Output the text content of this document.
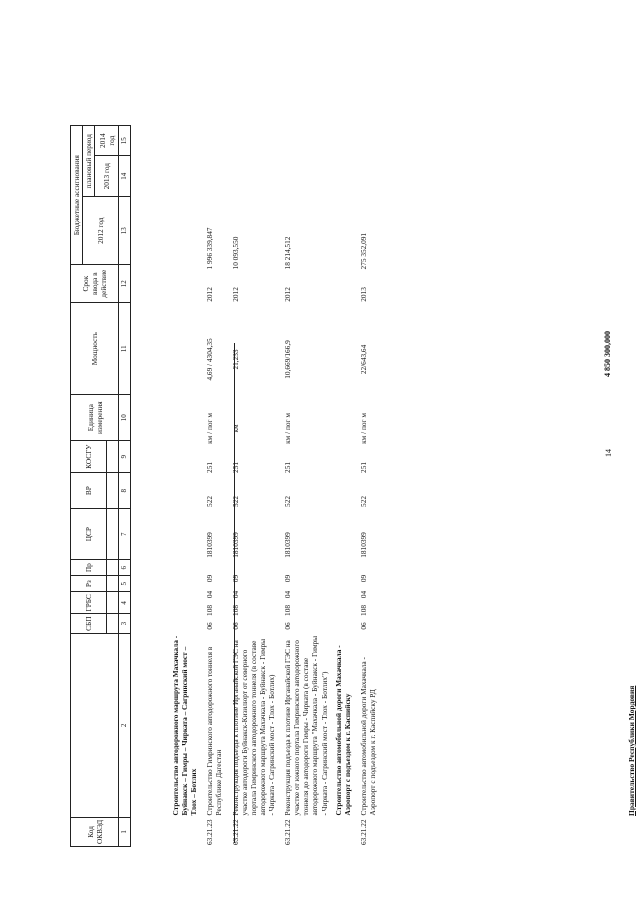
Код ОКВЭД		СБП	ГРБС	Рз	Пр	ЦСР	ВР	КОСГУ	Единица измерения	Мощность	Срок ввода в действие	Бюджетные ассигнования		
												2012 год	плановый период	
													2013 год	2014 год

1	2	3	4	5	6	7	8	9	10	11	12	13	14	15
	Строительство автодорожного маршрута Махачкала - Буйнакск – Гимры – Чирката – Сагринский мост – Тлох – Ботлих													
63.21.23	Строительство Гимринского автодорожного тоннеля в Республике Дагестан	06	108	04	09	1810399	522	251	км / пог м	4,69 / 4304,35	2012	1 996 339,847		
63.21.22	Реконструкция подъезда к плотине Ирганайской ГЭС на участке автодороги Буйнакск-Кизилюрт от северного портала Гимринского автодорожного тоннеля (в составе автодорожного маршрута Махачкала - Буйнакск - Гимры - Чирката - Сагринский мост - Тлох - Ботлих)	06	108	04	09	1810399	522	251	км	21,233	2012	10 093,550		
63.21.22	Реконструкция подъезда к плотине Ирганайской ГЭС на участке от южного портала Гимринского автодорожного тоннеля до автодороги Гимры - Чирката (в составе автодорожного маршрута "Махачкала - Буйнакск - Гимры - Чирката - Сагринский мост - Тлох - Ботлих")	06	108	04	09	1810399	522	251	км / пог м	10,669/166,9	2012	18 214,512		
	Строительство автомобильной дороги Махачкала - Аэропорт с подъездом к г. Каспийску													
63.21.22	Строительство автомобильной дороги Махачкала - Аэропорт с подъездом к г. Каспийску РД	06	108	04	09	1810399	522	251	км / пог м	22/643,64	2013	275 352,091		
4 850 300,000
Правительство Республики Мордовия
14
